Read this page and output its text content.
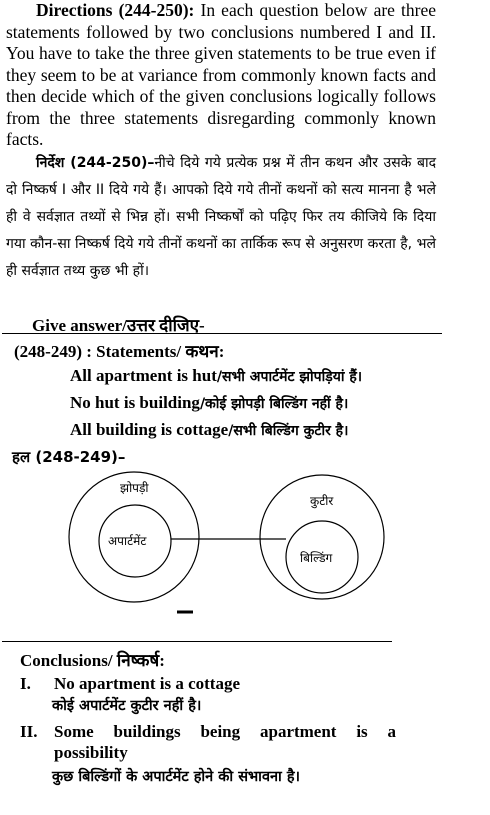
Directions (244-250): In each question below are three statements followed by two conclusions numbered I and II. You have to take the three given statements to be true even if they seem to be at variance from commonly known facts and then decide which of the given conclusions logically follows from the three statements disregarding commonly known facts.
निर्देश (244-250)–नीचे दिये गये प्रत्येक प्रश्न में तीन कथन और उसके बाद दो निष्कर्ष I और II दिये गये हैं। आपको दिये गये तीनों कथनों को सत्य मानना है भले ही वे सर्वज्ञात तथ्यों से भिन्न हों। सभी निष्कर्षों को पढ़िए फिर तय कीजिये कि दिया गया कौन-सा निष्कर्ष दिये गये तीनों कथनों का तार्किक रूप से अनुसरण करता है, भले ही सर्वज्ञात तथ्य कुछ भी हों।
Give answer/उत्तर दीजिए-
(248-249) : Statements/ कथन:
All apartment is hut/सभी अपार्टमेंट झोपड़ियां हैं।
No hut is building/कोई झोपड़ी बिल्डिंग नहीं है।
All building is cottage/सभी बिल्डिंग कुटीर है।
हल (248-249)–
झोपड़ी
अपार्टमेंट
कुटीर
बिल्डिंग
Conclusions/ निष्कर्ष:
I. No apartment is a cottage
कोई अपार्टमेंट कुटीर नहीं है।
II. Some buildings being apartment is a
possibility
कुछ बिल्डिंगों के अपार्टमेंट होने की संभावना है।
